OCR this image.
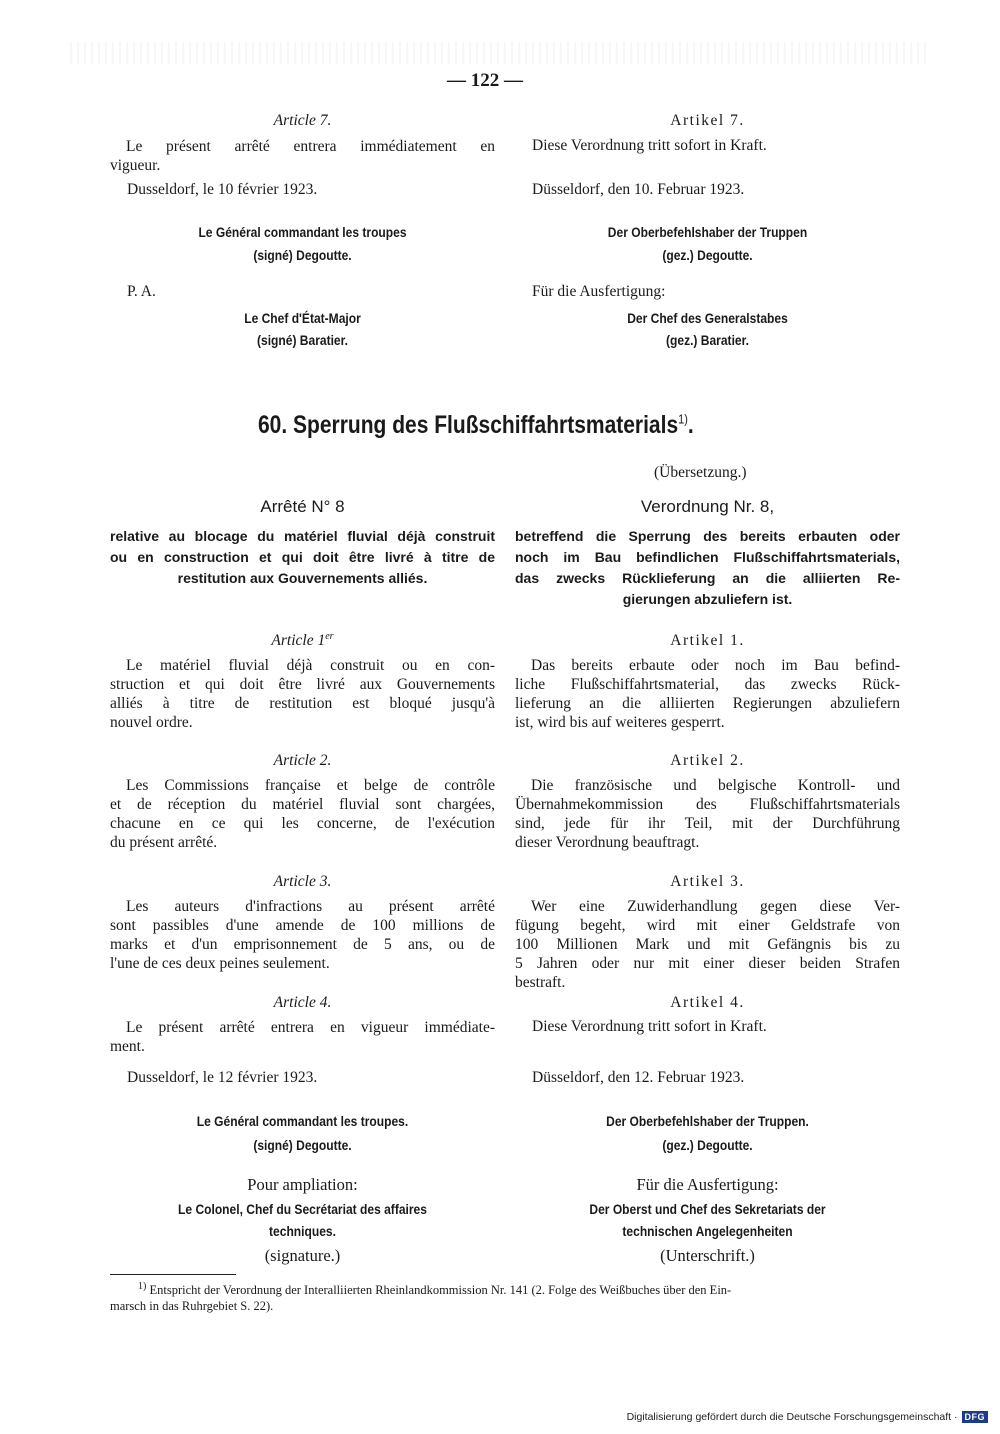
— 122 —
Article 7.
Le présent arrêté entrera immédiatement en
vigueur.
Dusseldorf, le 10 février 1923.
Le Général commandant les troupes
(signé) Degoutte.
P. A.
Le Chef d'État-Major
(signé) Baratier.
Artikel 7.
Diese Verordnung tritt sofort in Kraft.
Düsseldorf, den 10. Februar 1923.
Der Oberbefehlshaber der Truppen
(gez.) Degoutte.
Für die Ausfertigung:
Der Chef des Generalstabes
(gez.) Baratier.
60. Sperrung des Flußschiffahrtsmaterials$^{1)}$.
(Übersetzung.)
Arrêté N° 8
relative au blocage du matériel fluvial déjà construit
ou en construction et qui doit être livré à titre de
restitution aux Gouvernements alliés.
Article 1er
Le matériel fluvial déjà construit ou en con-
struction et qui doit être livré aux Gouvernements
alliés à titre de restitution est bloqué jusqu'à
nouvel ordre.
Article 2.
Les Commissions française et belge de contrôle
et de réception du matériel fluvial sont chargées,
chacune en ce qui les concerne, de l'exécution
du présent arrêté.
Article 3.
Les auteurs d'infractions au présent arrêté
sont passibles d'une amende de 100 millions de
marks et d'un emprisonnement de 5 ans, ou de
l'une de ces deux peines seulement.
Article 4.
Le présent arrêté entrera en vigueur immédiate-
ment.
Dusseldorf, le 12 février 1923.
Le Général commandant les troupes.
(signé) Degoutte.
Pour ampliation:
Le Colonel, Chef du Secrétariat des affaires
techniques.
(signature.)
Verordnung Nr. 8,
betreffend die Sperrung des bereits erbauten oder
noch im Bau befindlichen Flußschiffahrtsmaterials,
das zwecks Rücklieferung an die alliierten Re-
gierungen abzuliefern ist.
Artikel 1.
Das bereits erbaute oder noch im Bau befind-
liche Flußschiffahrtsmaterial, das zwecks Rück-
lieferung an die alliierten Regierungen abzuliefern
ist, wird bis auf weiteres gesperrt.
Artikel 2.
Die französische und belgische Kontroll- und
Übernahmekommission des Flußschiffahrtsmaterials
sind, jede für ihr Teil, mit der Durchführung
dieser Verordnung beauftragt.
Artikel 3.
Wer eine Zuwiderhandlung gegen diese Ver-
fügung begeht, wird mit einer Geldstrafe von
100 Millionen Mark und mit Gefängnis bis zu
5 Jahren oder nur mit einer dieser beiden Strafen
bestraft.
Artikel 4.
Diese Verordnung tritt sofort in Kraft.
Düsseldorf, den 12. Februar 1923.
Der Oberbefehlshaber der Truppen.
(gez.) Degoutte.
Für die Ausfertigung:
Der Oberst und Chef des Sekretariats der
technischen Angelegenheiten
(Unterschrift.)
$^{1)}$ Entspricht der Verordnung der Interalliierten Rheinlandkommission Nr. 141 (2. Folge des Weißbuches über den Ein-
marsch in das Ruhrgebiet S. 22).
Digitalisierung gefördert durch die Deutsche Forschungsgemeinschaft · DFG
